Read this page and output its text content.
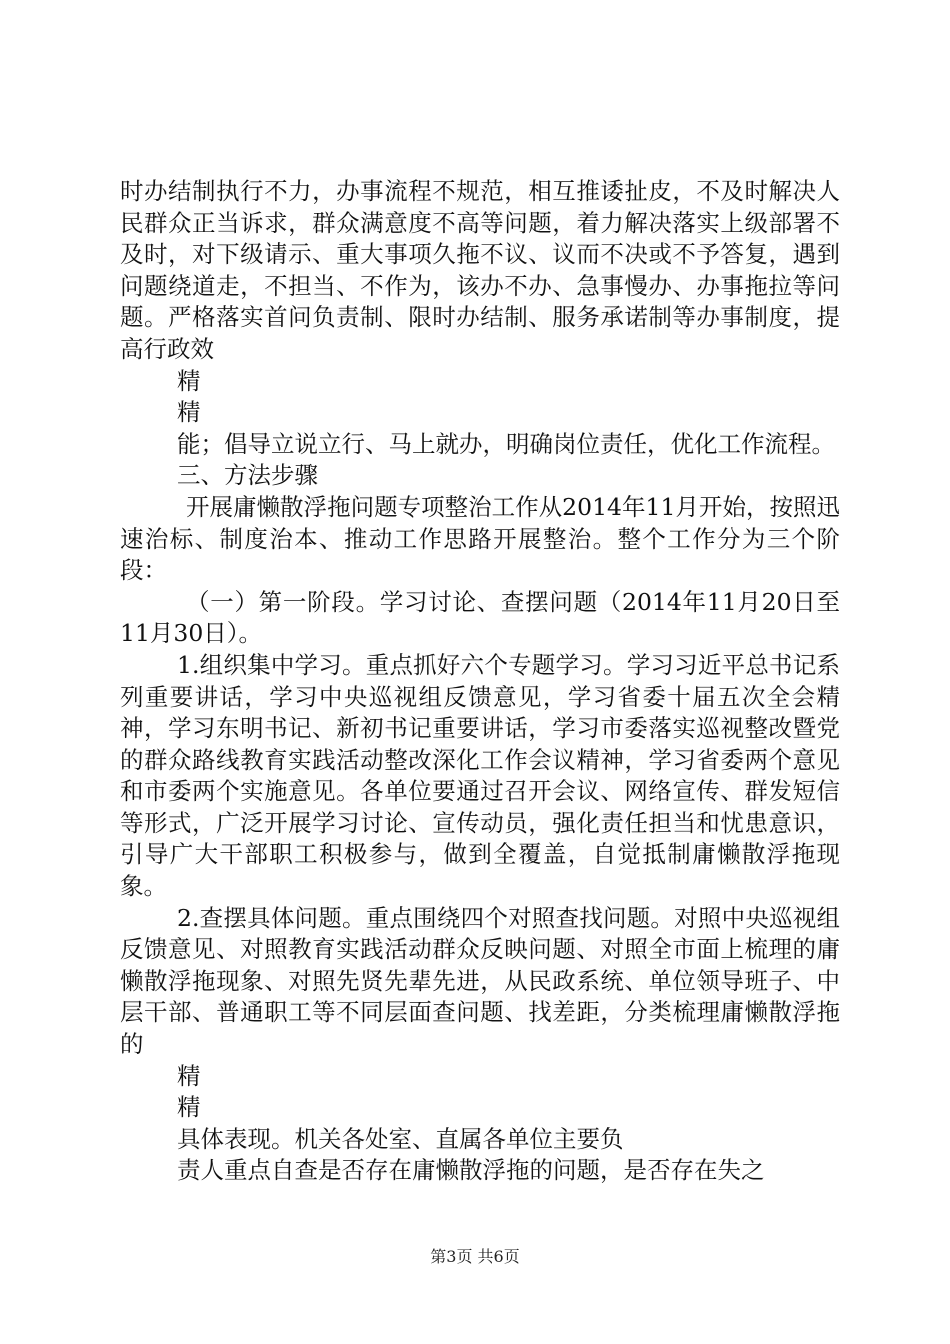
时办结制执行不力，办事流程不规范，相互推诿扯皮，不及时解决人民群众正当诉求，群众满意度不高等问题，着力解决落实上级部署不及时，对下级请示、重大事项久拖不议、议而不决或不予答复，遇到问题绕道走，不担当、不作为，该办不办、急事慢办、办事拖拉等问题。严格落实首问负责制、限时办结制、服务承诺制等办事制度，提高行政效

精

精

能；倡导立说立行、马上就办，明确岗位责任，优化工作流程。

三、方法步骤

开展庸懒散浮拖问题专项整治工作从2014年11月开始，按照迅速治标、制度治本、推动工作思路开展整治。整个工作分为三个阶段：

（一）第一阶段。学习讨论、查摆问题（2014年11月20日至11月30日）。

1.组织集中学习。重点抓好六个专题学习。学习习近平总书记系列重要讲话，学习中央巡视组反馈意见，学习省委十届五次全会精神，学习东明书记、新初书记重要讲话，学习市委落实巡视整改暨党的群众路线教育实践活动整改深化工作会议精神，学习省委两个意见和市委两个实施意见。各单位要通过召开会议、网络宣传、群发短信等形式，广泛开展学习讨论、宣传动员，强化责任担当和忧患意识，引导广大干部职工积极参与，做到全覆盖，自觉抵制庸懒散浮拖现象。

2.查摆具体问题。重点围绕四个对照查找问题。对照中央巡视组反馈意见、对照教育实践活动群众反映问题、对照全市面上梳理的庸懒散浮拖现象、对照先贤先辈先进，从民政系统、单位领导班子、中层干部、普通职工等不同层面查问题、找差距，分类梳理庸懒散浮拖的

精

精

具体表现。机关各处室、直属各单位主要负

责人重点自查是否存在庸懒散浮拖的问题，是否存在失之

第3页 共6页
